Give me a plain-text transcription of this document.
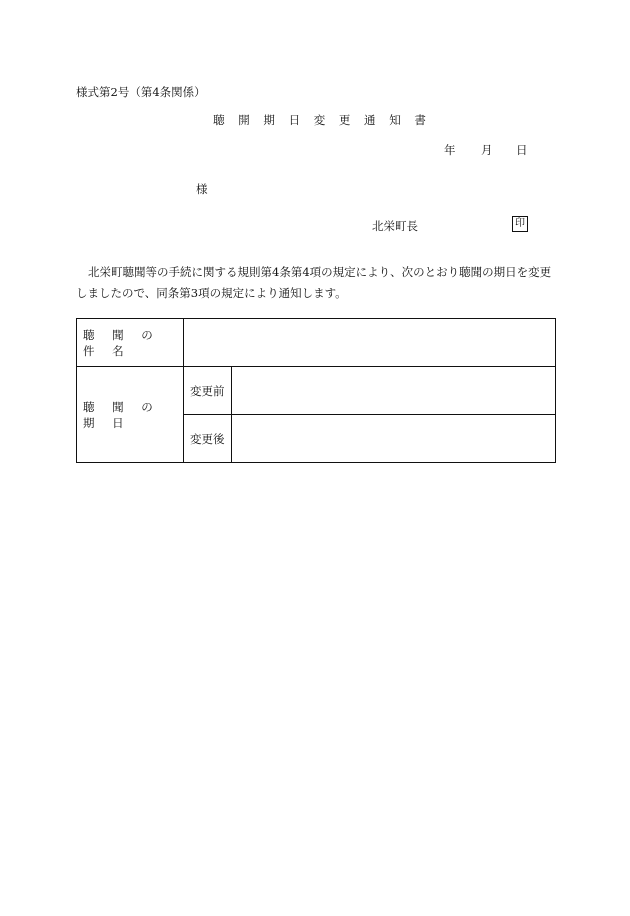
様式第2号（第4条関係）
聴 開 期 日 変 更 通 知 書
年 月 日
様
北栄町長	印
北栄町聴聞等の手続に関する規則第4条第4項の規定により、次のとおり聴聞の期日を変更しましたので、同条第3項の規定により通知します。
聴 聞 の 件 名		
聴 聞 の 期 日	変更前	
	変更後	
